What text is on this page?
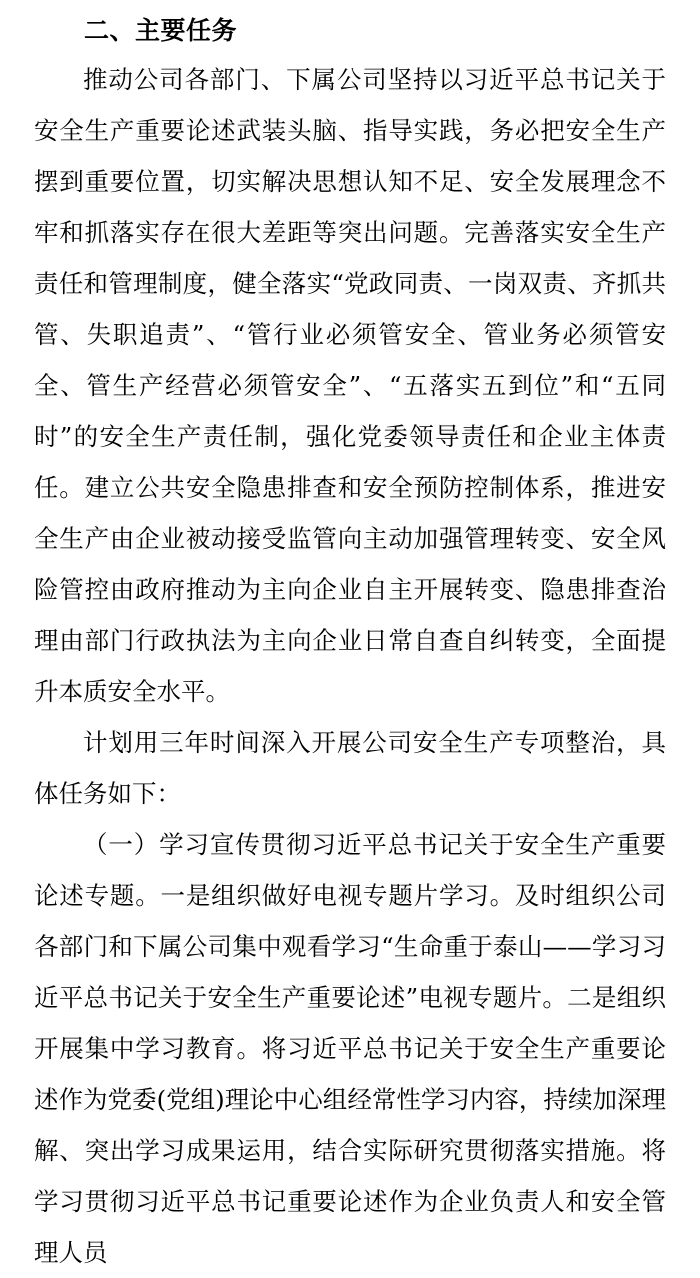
二、主要任务

推动公司各部门、下属公司坚持以习近平总书记关于安全生产重要论述武装头脑、指导实践，务必把安全生产摆到重要位置，切实解决思想认知不足、安全发展理念不牢和抓落实存在很大差距等突出问题。完善落实安全生产责任和管理制度，健全落实“党政同责、一岗双责、齐抓共管、失职追责”、“管行业必须管安全、管业务必须管安全、管生产经营必须管安全”、“五落实五到位”和“五同时”的安全生产责任制，强化党委领导责任和企业主体责任。建立公共安全隐患排查和安全预防控制体系，推进安全生产由企业被动接受监管向主动加强管理转变、安全风险管控由政府推动为主向企业自主开展转变、隐患排查治理由部门行政执法为主向企业日常自查自纠转变，全面提升本质安全水平。

计划用三年时间深入开展公司安全生产专项整治，具体任务如下：

（一）学习宣传贯彻习近平总书记关于安全生产重要论述专题。一是组织做好电视专题片学习。及时组织公司各部门和下属公司集中观看学习“生命重于泰山——学习习近平总书记关于安全生产重要论述”电视专题片。二是组织开展集中学习教育。将习近平总书记关于安全生产重要论述作为党委(党组)理论中心组经常性学习内容，持续加深理解、突出学习成果运用，结合实际研究贯彻落实措施。将学习贯彻习近平总书记重要论述作为企业负责人和安全管理人员
